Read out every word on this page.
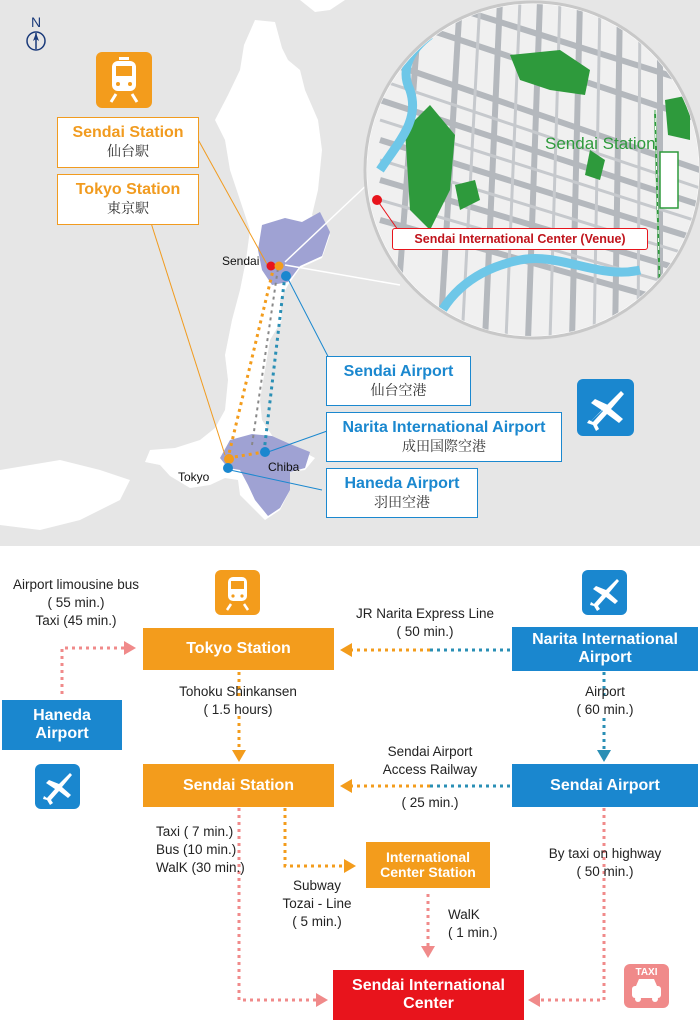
N
Sendai Station
仙台駅
Tokyo Station
東京駅
Sendai Airport
仙台空港
Narita International Airport
成田国際空港
Haneda Airport
羽田空港
Sendai
Tokyo
Chiba
Sendai Station
Sendai International Center (Venue)
TAXI
Tokyo Station
Sendai Station
Haneda
Airport
Narita International
Airport
Sendai Airport
International
Center Station
Sendai International
Center
Airport limousine bus
( 55 min.)
Taxi (45 min.)	JR Narita Express Line
( 50 min.)
Tohoku Shinkansen
( 1.5 hours)
Airport
( 60 min.)
Sendai Airport
Access Railway
( 25 min.)
Taxi ( 7 min.)
Bus (10 min.)
WalK (30 min.)
Subway
Tozai - Line
( 5 min.)	WalK
( 1 min.)
By taxi on highway
( 50 min.)
